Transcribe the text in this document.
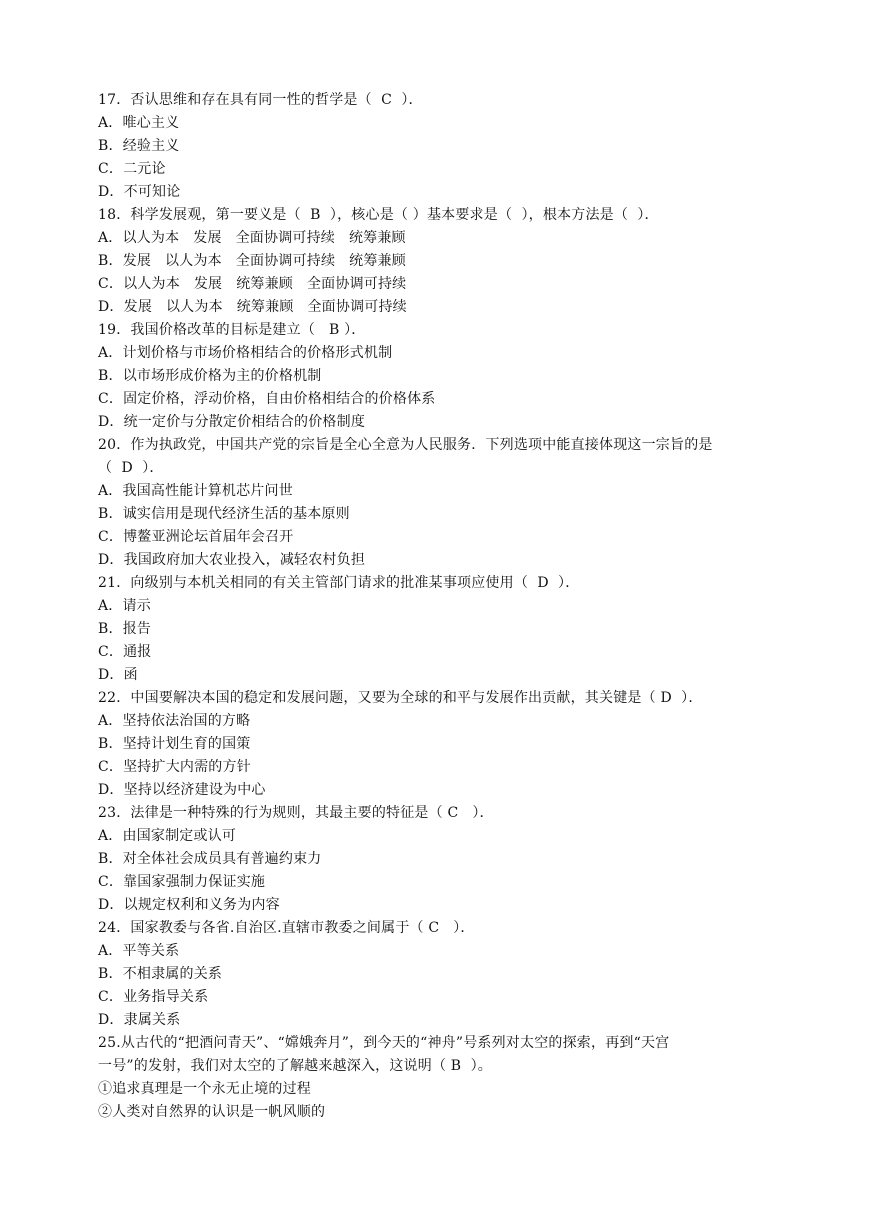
17．否认思维和存在具有同一性的哲学是（  C  ）．
A．唯心主义
B．经验主义
C．二元论
D．不可知论
18．科学发展观，第一要义是（  B  ），核心是（ ）基本要求是（  ），根本方法是（  ）．
A．以人为本   发展   全面协调可持续   统筹兼顾
B．发展   以人为本   全面协调可持续   统筹兼顾
C．以人为本   发展   统筹兼顾   全面协调可持续
D．发展   以人为本   统筹兼顾   全面协调可持续
19．我国价格改革的目标是建立（   B ）．
A．计划价格与市场价格相结合的价格形式机制
B．以市场形成价格为主的价格机制
C．固定价格，浮动价格，自由价格相结合的价格体系
D．统一定价与分散定价相结合的价格制度
20．作为执政党，中国共产党的宗旨是全心全意为人民服务．下列选项中能直接体现这一宗旨的是
（  D  ）．
A．我国高性能计算机芯片问世
B．诚实信用是现代经济生活的基本原则
C．博鳌亚洲论坛首届年会召开
D．我国政府加大农业投入，减轻农村负担
21．向级别与本机关相同的有关主管部门请求的批准某事项应使用（  D  ）．
A．请示
B．报告
C．通报
D．函
22．中国要解决本国的稳定和发展问题，又要为全球的和平与发展作出贡献，其关键是（ D  ）．
A．坚持依法治国的方略
B．坚持计划生育的国策
C．坚持扩大内需的方针
D．坚持以经济建设为中心
23．法律是一种特殊的行为规则，其最主要的特征是（ C   ）．
A．由国家制定或认可
B．对全体社会成员具有普遍约束力
C．靠国家强制力保证实施
D．以规定权利和义务为内容
24．国家教委与各省.自治区.直辖市教委之间属于（ C   ）．
A．平等关系
B．不相隶属的关系
C．业务指导关系
D．隶属关系
25.从古代的“把酒问青天”、“嫦娥奔月”，到今天的“神舟”号系列对太空的探索，再到“天宫
一号”的发射，我们对太空的了解越来越深入，这说明（ B  ）。
①追求真理是一个永无止境的过程
②人类对自然界的认识是一帆风顺的
